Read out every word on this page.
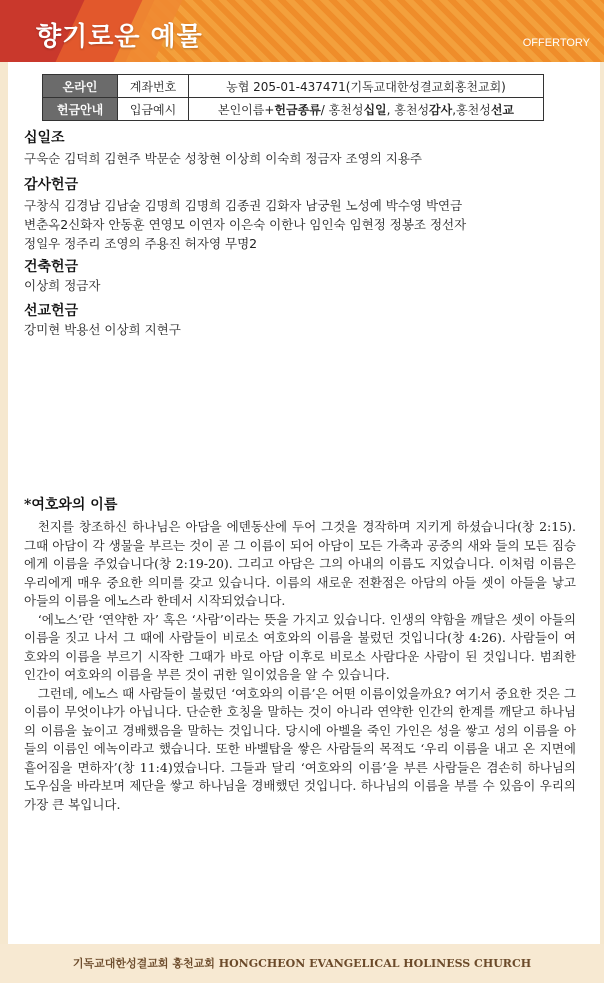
향기로운 예물	OFFERTORY
온라인	계좌번호	농협 205-01-437471(기독교대한성결교회홍천교회)
헌금안내	입금예시	본인이름+헌금종류/ 홍천성십일, 홍천성감사,홍천성선교
십일조
구욱순 김덕희 김현주 박문순 성창현 이상희 이숙희 정금자 조영의 지용주
감사헌금
구창식 김경남 김남술 김명희 김명희 김종권 김화자 남궁원 노성예 박수영 박연금
변춘옥2신화자 안동훈 연영모 이연자 이은숙 이한나 임인숙 임현정 정봉조 정선자
정일우 정주리 조영의 주용진 허자영 무명2
건축헌금
이상희 정금자
선교헌금
강미현 박용선 이상희 지현구
*여호와의 이름

천지를 창조하신 하나님은 아담을 에덴동산에 두어 그것을 경작하며 지키게 하셨습니다(창 2:15). 그때 아담이 각 생물을 부르는 것이 곧 그 이름이 되어 아담이 모든 가축과 공중의 새와 들의 모든 짐승에게 이름을 주었습니다(창 2:19-20). 그리고 아담은 그의 아내의 이름도 지었습니다. 이처럼 이름은 우리에게 매우 중요한 의미를 갖고 있습니다. 이름의 새로운 전환점은 아담의 아들 셋이 아들을 낳고 아들의 이름을 에노스라 한데서 시작되었습니다.

‘에노스’란 ‘연약한 자’ 혹은 ‘사람’이라는 뜻을 가지고 있습니다. 인생의 약함을 깨달은 셋이 아들의 이름을 짓고 나서 그 때에 사람들이 비로소 여호와의 이름을 불렀던 것입니다(창 4:26). 사람들이 여호와의 이름을 부르기 시작한 그때가 바로 아담 이후로 비로소 사람다운 사람이 된 것입니다. 범죄한 인간이 여호와의 이름을 부른 것이 귀한 일이었음을 알 수 있습니다.

그런데, 에노스 때 사람들이 불렀던 ‘여호와의 이름’은 어떤 이름이었을까요? 여기서 중요한 것은 그 이름이 무엇이냐가 아닙니다. 단순한 호칭을 말하는 것이 아니라 연약한 인간의 한계를 깨닫고 하나님의 이름을 높이고 경배했음을 말하는 것입니다. 당시에 아벨을 죽인 가인은 성을 쌓고 성의 이름을 아들의 이름인 에녹이라고 했습니다. 또한 바벨탑을 쌓은 사람들의 목적도 ‘우리 이름을 내고 온 지면에 흩어짐을 면하자’(창 11:4)였습니다. 그들과 달리 ‘여호와의 이름’을 부른 사람들은 겸손히 하나님의 도우심을 바라보며 제단을 쌓고 하나님을 경배했던 것입니다. 하나님의 이름을 부를 수 있음이 우리의 가장 큰 복입니다.

기독교대한성결교회 홍천교회 HONGCHEON EVANGELICAL HOLINESS CHURCH
